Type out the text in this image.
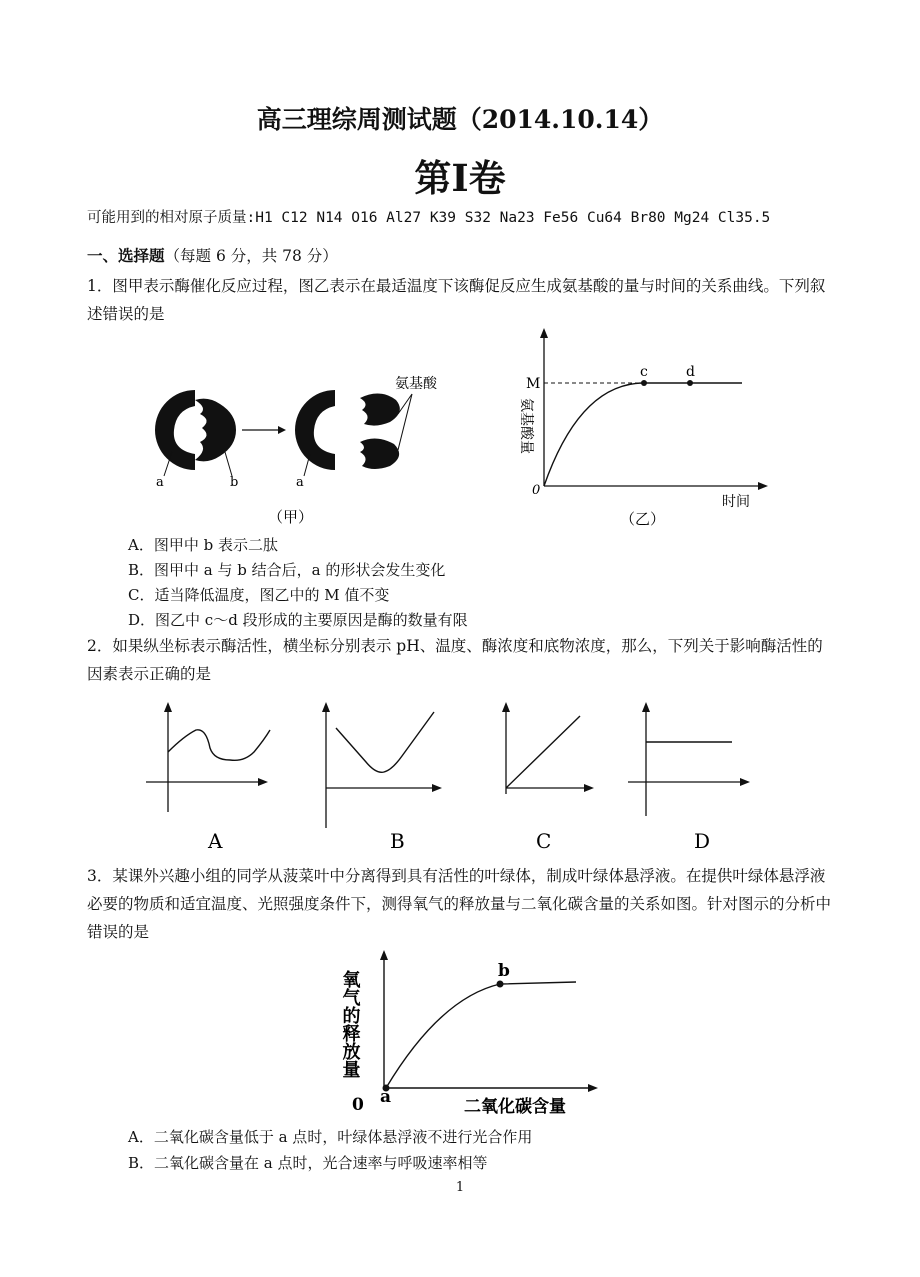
高三理综周测试题（2014.10.14）
第Ⅰ卷
可能用到的相对原子质量:H1 C12 N14 O16 Al27 K39 S32 Na23 Fe56 Cu64 Br80 Mg24 Cl35.5
一、选择题（每题 6 分，共 78 分）
1．图甲表示酶催化反应过程，图乙表示在最适温度下该酶促反应生成氨基酸的量与时间的关系曲线。下列叙述错误的是
a	b	a
氨基酸
（甲）
M
c	d
0
时间
氨基酸量
（乙）
A．图甲中 b 表示二肽
B．图甲中 a 与 b 结合后，a 的形状会发生变化
C．适当降低温度，图乙中的 M 值不变
D．图乙中 c～d 段形成的主要原因是酶的数量有限
2．如果纵坐标表示酶活性，横坐标分别表示 pH、温度、酶浓度和底物浓度，那么，下列关于影响酶活性的因素表示正确的是
A	B	C	D
3．某课外兴趣小组的同学从菠菜叶中分离得到具有活性的叶绿体，制成叶绿体悬浮液。在提供叶绿体悬浮液必要的物质和适宜温度、光照强度条件下，测得氧气的释放量与二氧化碳含量的关系如图。针对图示的分析中错误的是
b
a
0	二氧化碳含量
氧气的释放量
A．二氧化碳含量低于 a 点时，叶绿体悬浮液不进行光合作用
B．二氧化碳含量在 a 点时，光合速率与呼吸速率相等
1
